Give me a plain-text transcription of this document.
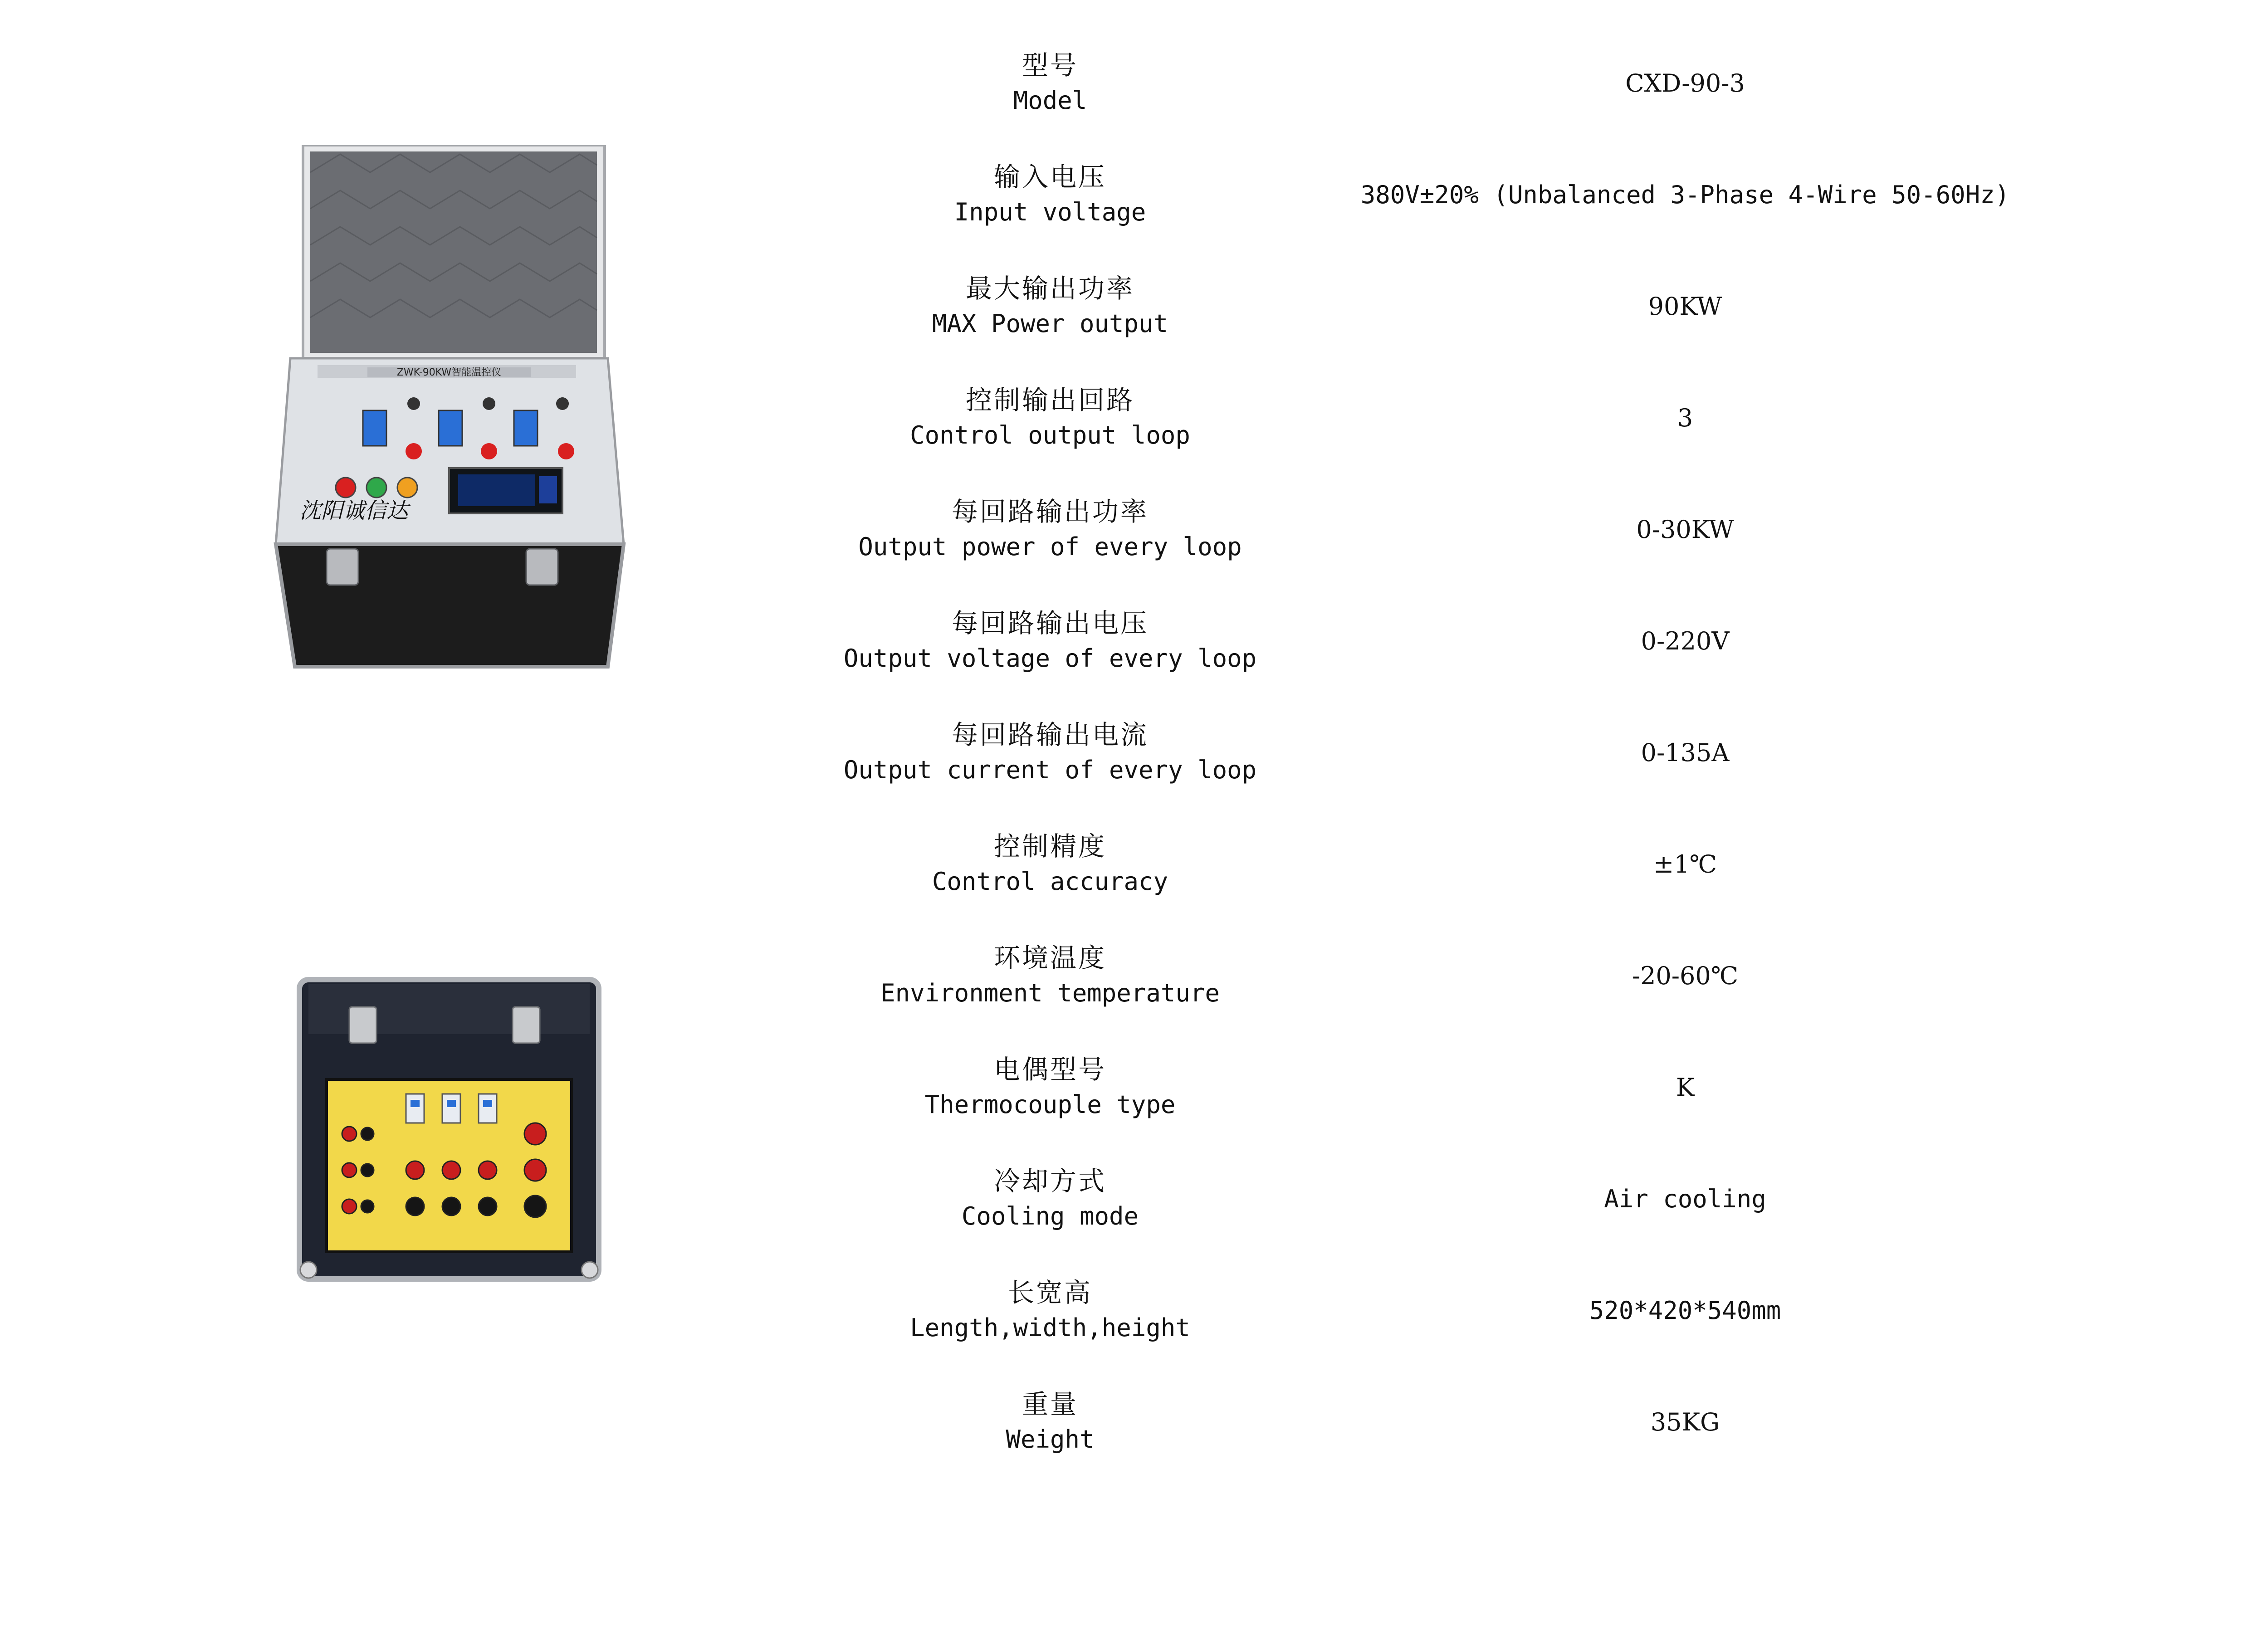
ZWK-90KW智能温控仪
沈阳诚信达
型号
Model
CXD-90-3
输入电压
Input voltage
380V±20% (Unbalanced 3-Phase 4-Wire 50-60Hz)
最大输出功率
MAX Power output
90KW
控制输出回路
Control output loop
3
每回路输出功率
Output power of every loop
0-30KW
每回路输出电压
Output voltage of every loop
0-220V
每回路输出电流
Output current of every loop
0-135A
控制精度
Control accuracy
±1℃
环境温度
Environment temperature
-20-60℃
电偶型号
Thermocouple type
K
冷却方式
Cooling mode
Air cooling
长宽高
Length,width,height
520*420*540mm
重量
Weight
35KG
